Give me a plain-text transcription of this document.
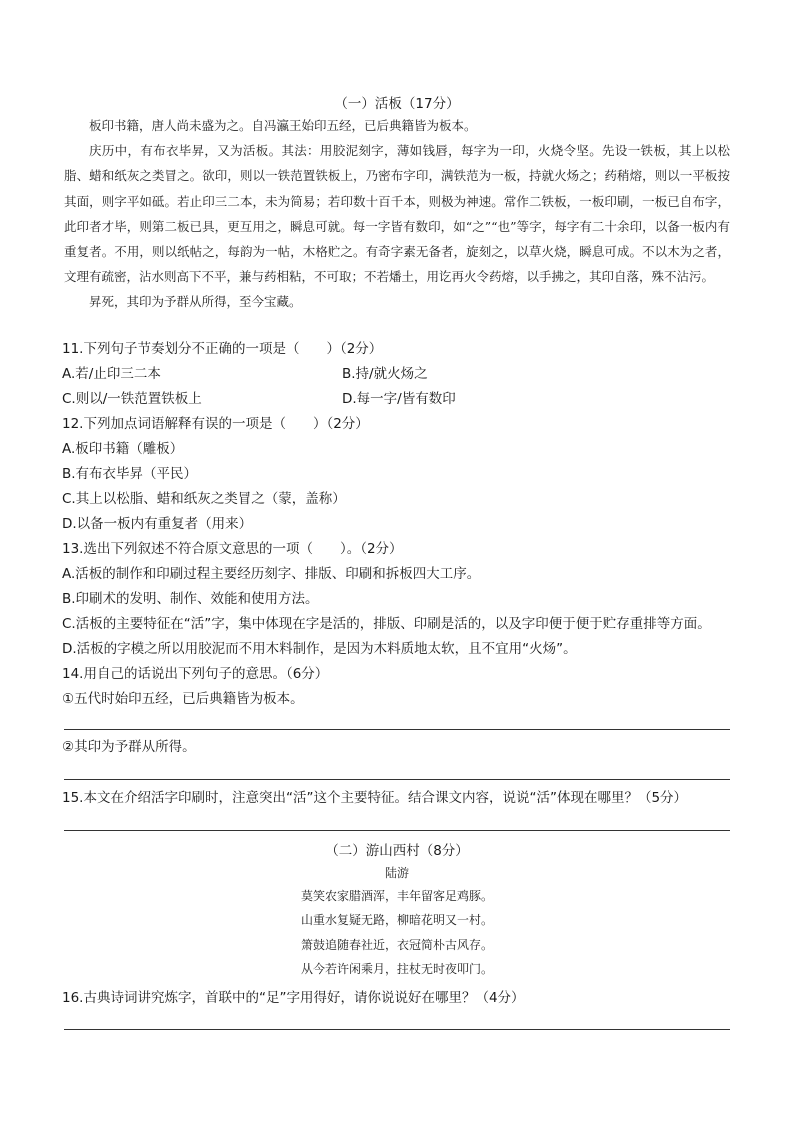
（一）活板（17分）

板印书籍，唐人尚未盛为之。自冯瀛王始印五经，已后典籍皆为板本。

庆历中，有布衣毕昇，又为活板。其法：用胶泥刻字，薄如钱唇，每字为一印，火烧令坚。先设一铁板，其上以松脂、蜡和纸灰之类冒之。欲印，则以一铁范置铁板上，乃密布字印，满铁范为一板，持就火炀之；药稍熔，则以一平板按其面，则字平如砥。若止印三二本，未为简易；若印数十百千本，则极为神速。常作二铁板，一板印刷，一板已自布字，此印者才毕，则第二板已具，更互用之，瞬息可就。每一字皆有数印，如“之”“也”等字，每字有二十余印，以备一板内有重复者。不用，则以纸帖之，每韵为一帖，木格贮之。有奇字素无备者，旋刻之，以草火烧，瞬息可成。不以木为之者，文理有疏密，沾水则高下不平，兼与药相粘，不可取；不若燔土，用讫再火令药熔，以手拂之，其印自落，殊不沾污。

昇死，其印为予群从所得，至今宝藏。

11.下列句子节奏划分不正确的一项是（　　）（2分）
A.若/止印三二本	B.持/就火炀之
C.则以/一铁范置铁板上	D.每一字/皆有数印
12.下列加点词语解释有误的一项是（　　）（2分）
A.板印书籍（雕板）
B.有布衣毕昇（平民）
C.其上以松脂、蜡和纸灰之类冒之（蒙，盖称）
D.以备一板内有重复者（用来）
13.选出下列叙述不符合原文意思的一项（　　）。（2分）
A.活板的制作和印刷过程主要经历刻字、排版、印刷和拆板四大工序。
B.印刷术的发明、制作、效能和使用方法。
C.活板的主要特征在“活”字，集中体现在字是活的，排版、印刷是活的，以及字印便于便于贮存重排等方面。
D.活板的字模之所以用胶泥而不用木料制作，是因为木料质地太软，且不宜用“火炀”。
14.用自己的话说出下列句子的意思。（6分）
①五代时始印五经，已后典籍皆为板本。
②其印为予群从所得。
15.本文在介绍活字印刷时，注意突出“活”这个主要特征。结合课文内容，说说“活”体现在哪里？（5分）
（二）游山西村（8分）
陆游
莫笑农家腊酒浑，丰年留客足鸡豚。
山重水复疑无路，柳暗花明又一村。
箫鼓追随春社近，衣冠简朴古风存。
从今若许闲乘月，拄杖无时夜叩门。
16.古典诗词讲究炼字，首联中的“足”字用得好，请你说说好在哪里？（4分）
